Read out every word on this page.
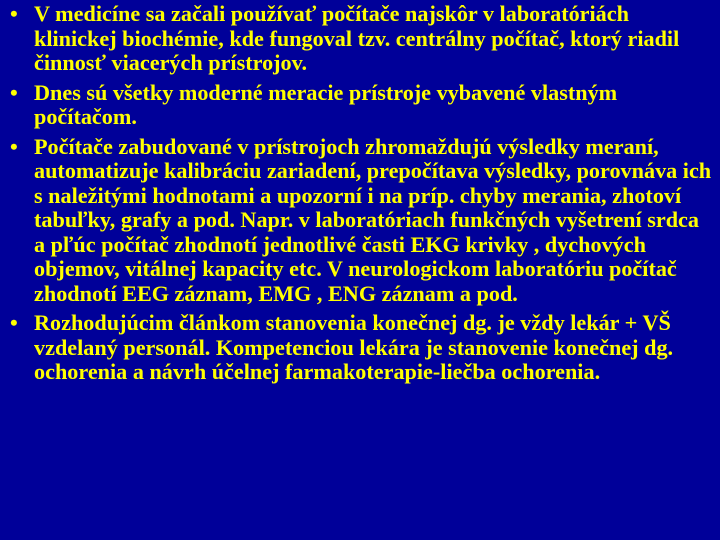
• V medicíne sa začali používať počítače najskôr v laboratóriách klinickej biochémie, kde fungoval tzv. centrálny počítač, ktorý riadil činnosť viacerých prístrojov.
• Dnes sú všetky moderné meracie prístroje vybavené vlastným počítačom.
• Počítače zabudované v prístrojoch zhromaždujú výsledky meraní, automatizuje kalibráciu zariadení, prepočítava výsledky, porovnáva ich s naležitými hodnotami a upozorní i na príp. chyby merania, zhotoví tabuľky, grafy a pod. Napr. v laboratóriach funkčných vyšetrení srdca a pľúc počítač zhodnotí jednotlivé časti EKG krivky , dychových objemov, vitálnej kapacity etc. V neurologickom laboratóriu počítač zhodnotí EEG záznam, EMG , ENG záznam a pod.
• Rozhodujúcim článkom stanovenia konečnej dg. je vždy lekár + VŠ vzdelaný personál. Kompetenciou lekára je stanovenie konečnej dg. ochorenia a návrh účelnej farmakoterapie-liečba ochorenia.
